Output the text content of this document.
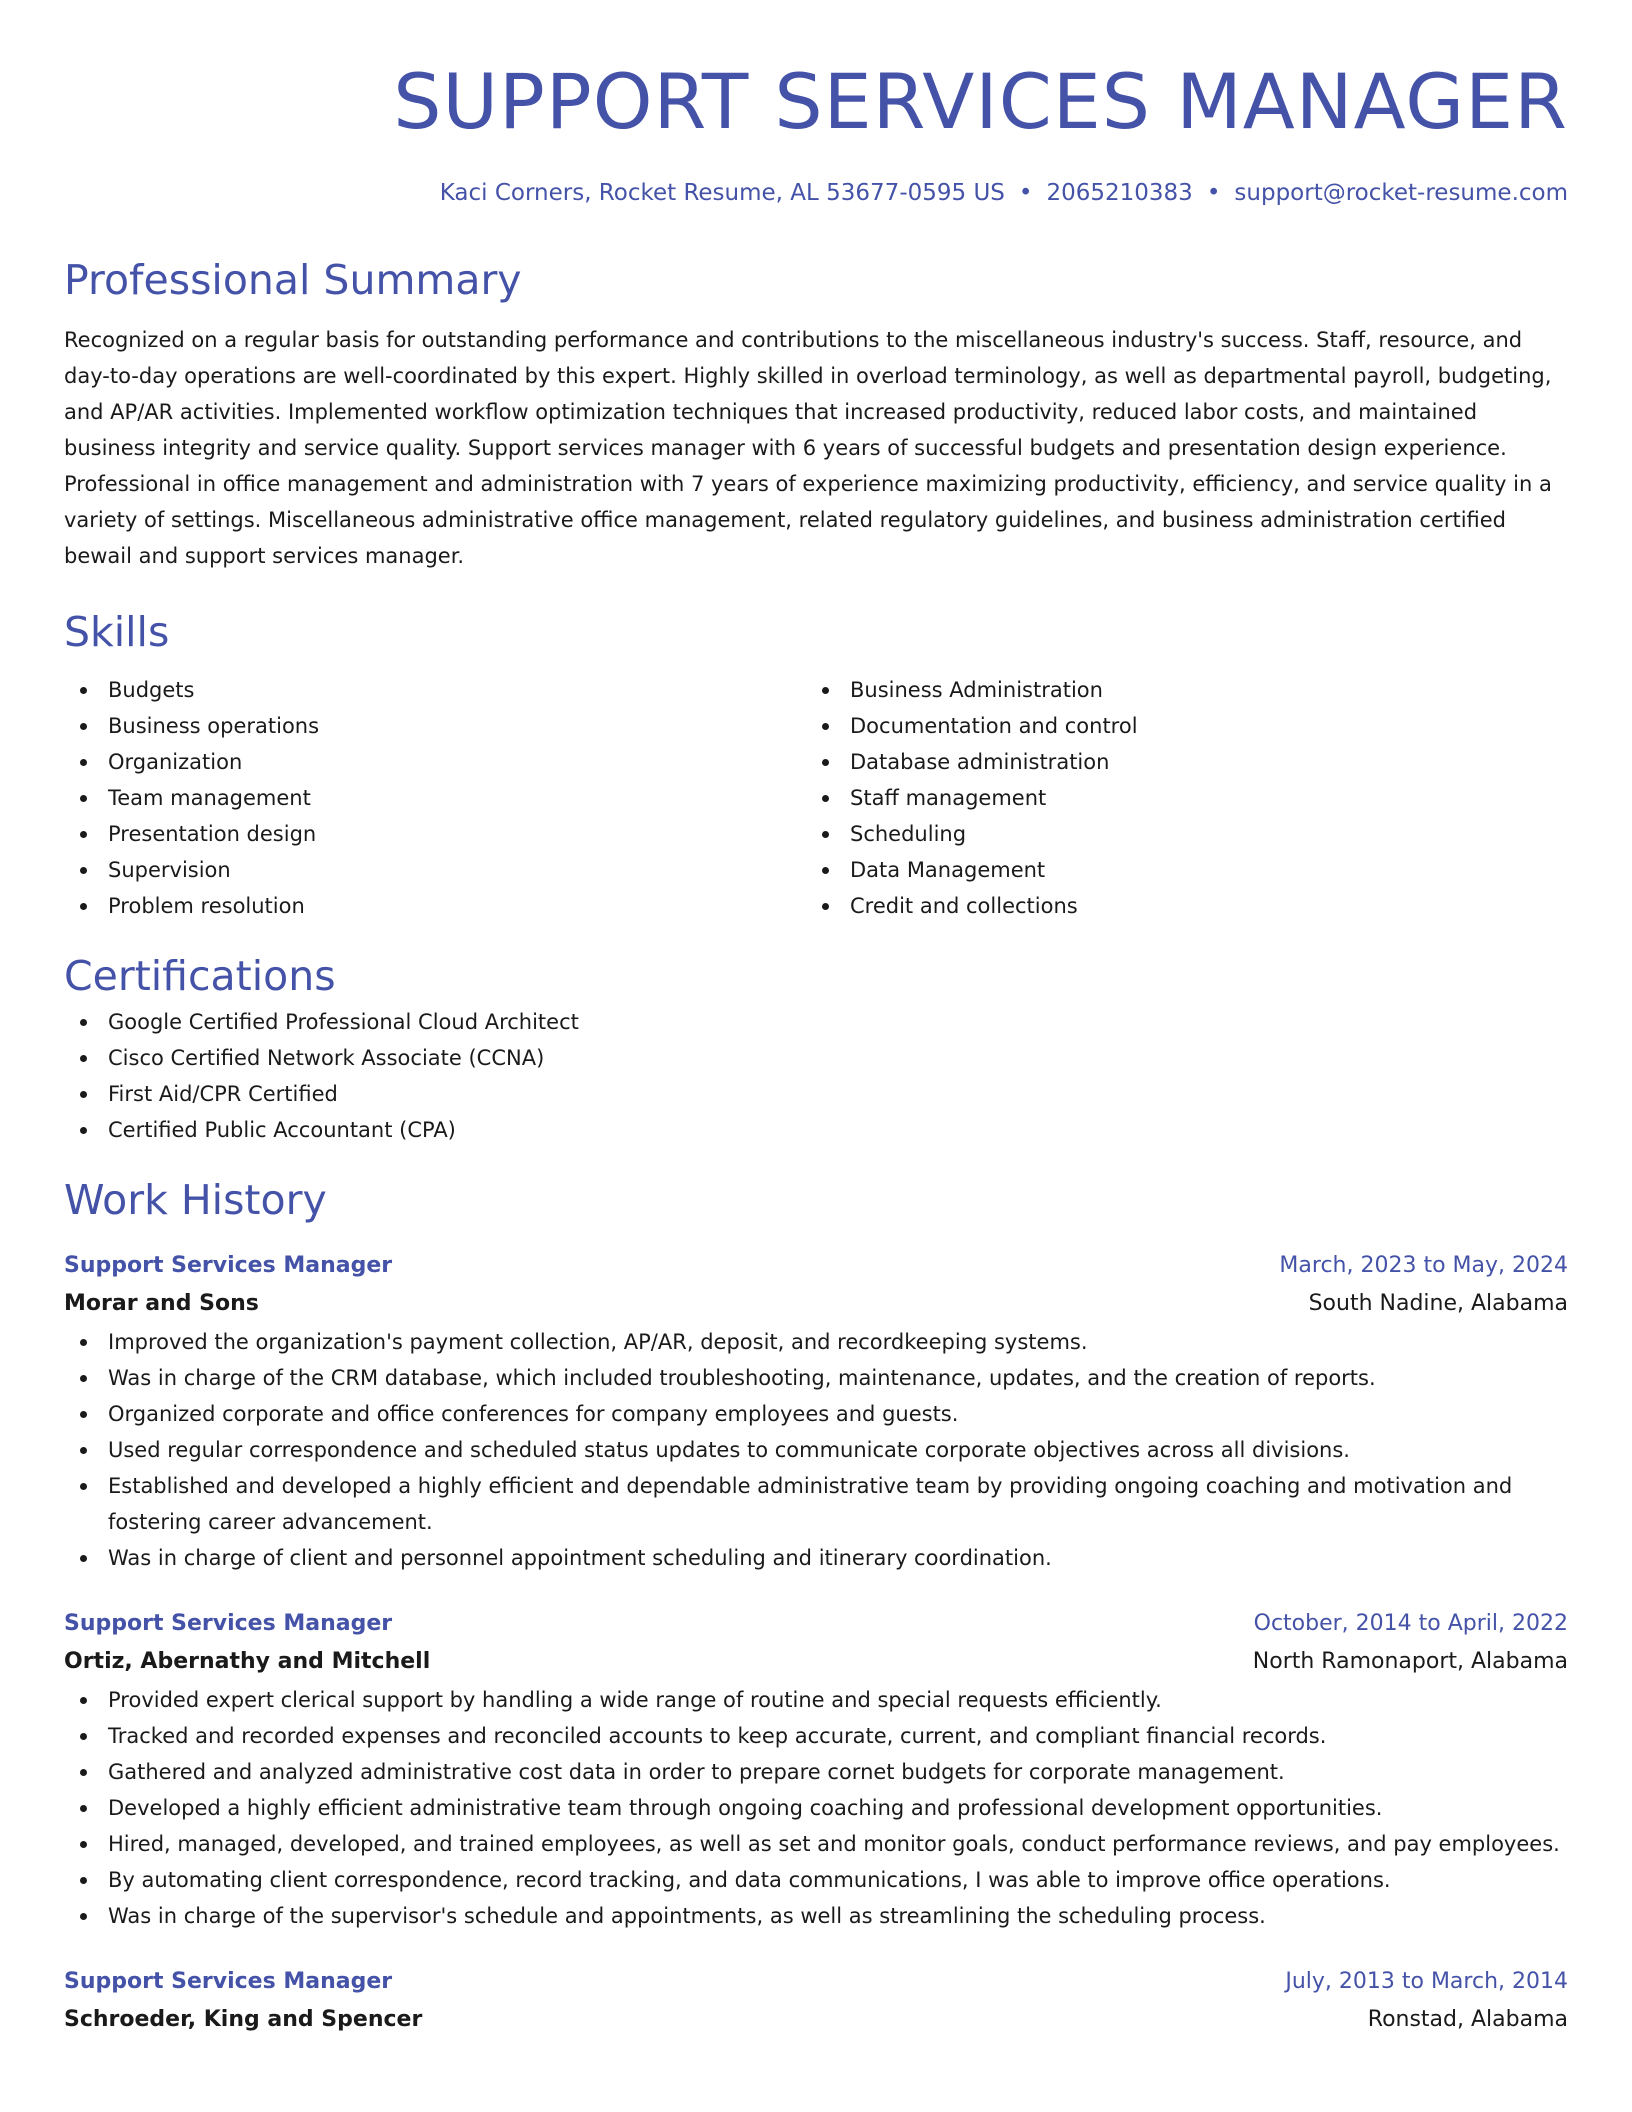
SUPPORT SERVICES MANAGER
Kaci Corners, Rocket Resume, AL 53677-0595 US • 2065210383 • support@rocket-resume.com
Professional Summary

Recognized on a regular basis for outstanding performance and contributions to the miscellaneous industry's success. Staff, resource, and day-to-day operations are well-coordinated by this expert. Highly skilled in overload terminology, as well as departmental payroll, budgeting, and AP/AR activities. Implemented workflow optimization techniques that increased productivity, reduced labor costs, and maintained business integrity and service quality. Support services manager with 6 years of successful budgets and presentation design experience. Professional in office management and administration with 7 years of experience maximizing productivity, efficiency, and service quality in a variety of settings. Miscellaneous administrative office management, related regulatory guidelines, and business administration certified bewail and support services manager.

Skills
Budgets
Business operations
Organization
Team management
Presentation design
Supervision
Problem resolution
Business Administration
Documentation and control
Database administration
Staff management
Scheduling
Data Management
Credit and collections
Certifications
Google Certified Professional Cloud Architect
Cisco Certified Network Associate (CCNA)
First Aid/CPR Certified
Certified Public Accountant (CPA)
Work History
Support Services Manager	March, 2023 to May, 2024
Morar and Sons	South Nadine, Alabama
Improved the organization's payment collection, AP/AR, deposit, and recordkeeping systems.
Was in charge of the CRM database, which included troubleshooting, maintenance, updates, and the creation of reports.
Organized corporate and office conferences for company employees and guests.
Used regular correspondence and scheduled status updates to communicate corporate objectives across all divisions.
Established and developed a highly efficient and dependable administrative team by providing ongoing coaching and motivation and fostering career advancement.
Was in charge of client and personnel appointment scheduling and itinerary coordination.
Support Services Manager	October, 2014 to April, 2022
Ortiz, Abernathy and Mitchell	North Ramonaport, Alabama
Provided expert clerical support by handling a wide range of routine and special requests efficiently.
Tracked and recorded expenses and reconciled accounts to keep accurate, current, and compliant financial records.
Gathered and analyzed administrative cost data in order to prepare cornet budgets for corporate management.
Developed a highly efficient administrative team through ongoing coaching and professional development opportunities.
Hired, managed, developed, and trained employees, as well as set and monitor goals, conduct performance reviews, and pay employees.
By automating client correspondence, record tracking, and data communications, I was able to improve office operations.
Was in charge of the supervisor's schedule and appointments, as well as streamlining the scheduling process.
Support Services Manager	July, 2013 to March, 2014
Schroeder, King and Spencer	Ronstad, Alabama
